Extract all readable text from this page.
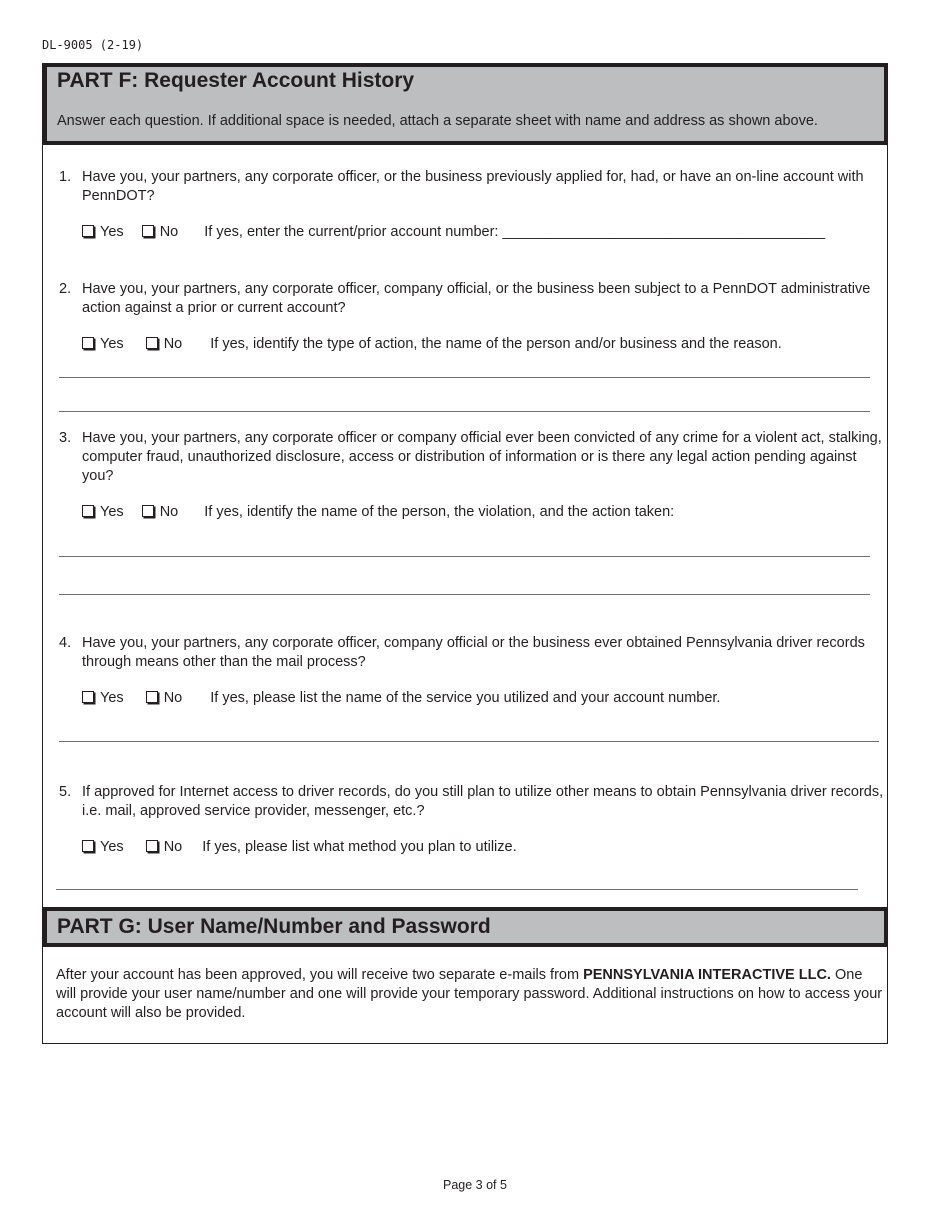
DL-9005 (2-19)
PART F: Requester Account History
Answer each question. If additional space is needed, attach a separate sheet with name and address as shown above.
1. Have you, your partners, any corporate officer, or the business previously applied for, had, or have an on-line account with PennDOT?
Yes No If yes, enter the current/prior account number: ________________________________________
2. Have you, your partners, any corporate officer, company official, or the business been subject to a PennDOT administrative action against a prior or current account?
Yes	No If yes, identify the type of action, the name of the person and/or business and the reason.
3. Have you, your partners, any corporate officer or company official ever been convicted of any crime for a violent act, stalking, computer fraud, unauthorized disclosure, access or distribution of information or is there any legal action pending against you?
Yes No If yes, identify the name of the person, the violation, and the action taken:
4. Have you, your partners, any corporate officer, company official or the business ever obtained Pennsylvania driver records through means other than the mail process?
Yes	No If yes, please list the name of the service you utilized and your account number.
5. If approved for Internet access to driver records, do you still plan to utilize other means to obtain Pennsylvania driver records, i.e. mail, approved service provider, messenger, etc.?
Yes	No If yes, please list what method you plan to utilize.
PART G: User Name/Number and Password
After your account has been approved, you will receive two separate e-mails from PENNSYLVANIA INTERACTIVE LLC. One will provide your user name/number and one will provide your temporary password. Additional instructions on how to access your account will also be provided.
Page 3 of 5
